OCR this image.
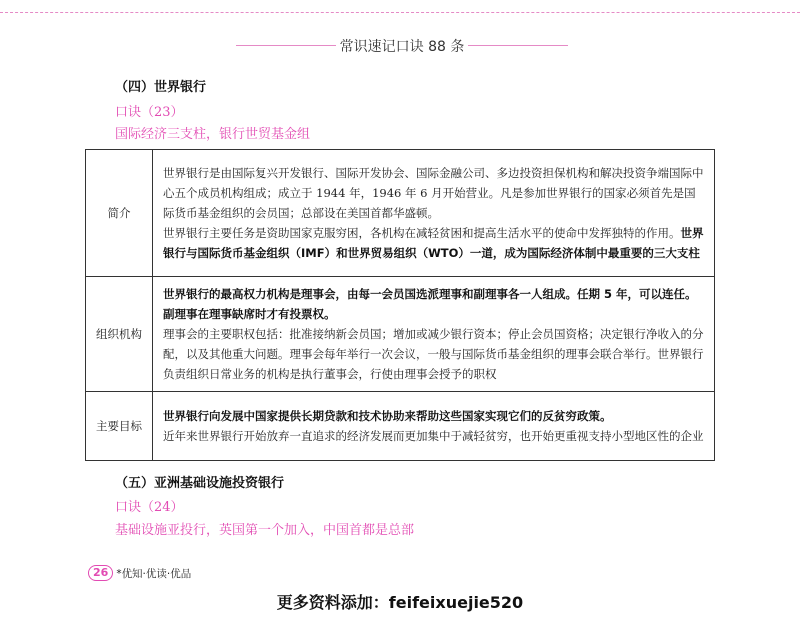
常识速记口诀 88 条
（四）世界银行
口诀（23）
国际经济三支柱，银行世贸基金组
简介	世界银行是由国际复兴开发银行、国际开发协会、国际金融公司、多边投资担保机构和解决投资争端国际中心五个成员机构组成；成立于 1944 年，1946 年 6 月开始营业。凡是参加世界银行的国家必须首先是国际货币基金组织的会员国；总部设在美国首都华盛顿。

世界银行主要任务是资助国家克服穷困，各机构在减轻贫困和提高生活水平的使命中发挥独特的作用。世界银行与国际货币基金组织（IMF）和世界贸易组织（WTO）一道，成为国际经济体制中最重要的三大支柱

组织机构	世界银行的最高权力机构是理事会，由每一会员国选派理事和副理事各一人组成。任期 5 年，可以连任。副理事在理事缺席时才有投票权。

理事会的主要职权包括：批准接纳新会员国；增加或减少银行资本；停止会员国资格；决定银行净收入的分配，以及其他重大问题。理事会每年举行一次会议，一般与国际货币基金组织的理事会联合举行。世界银行负责组织日常业务的机构是执行董事会，行使由理事会授予的职权

主要目标	世界银行向发展中国家提供长期贷款和技术协助来帮助这些国家实现它们的反贫穷政策。

近年来世界银行开始放弃一直追求的经济发展而更加集中于减轻贫穷，也开始更重视支持小型地区性的企业

（五）亚洲基础设施投资银行
口诀（24）
基础设施亚投行，英国第一个加入，中国首都是总部
26 *优知·优读·优品
更多资料添加：feifeixuejie520
